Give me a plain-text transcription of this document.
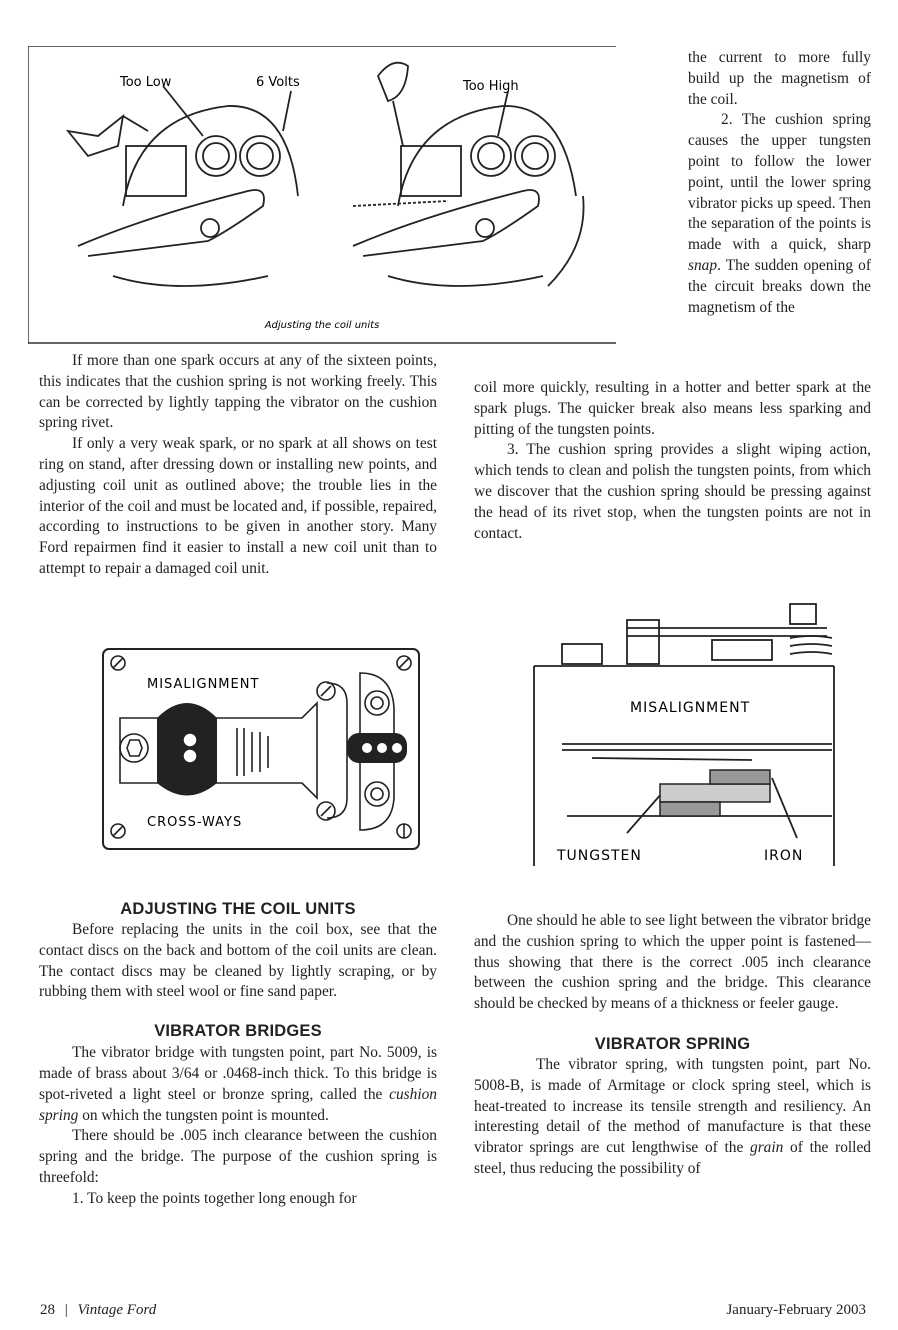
Too Low	6 Volts	Too High
Adjusting the coil units

the current to more fully build up the magnetism of the coil.

2. The cushion spring causes the upper tungsten point to follow the lower point, until the lower spring vibrator picks up speed. Then the separation of the points is made with a quick, sharp snap. The sudden opening of the circuit breaks down the magnetism of the

coil more quickly, resulting in a hotter and better spark at the spark plugs. The quicker break also means less sparking and pitting of the tungsten points.

3. The cushion spring provides a slight wiping action, which tends to clean and polish the tungsten points, from which we discover that the cushion spring should be pressing against the head of its rivet stop, when the tungsten points are not in contact.

If more than one spark occurs at any of the sixteen points, this indicates that the cushion spring is not working freely. This can be corrected by lightly tapping the vibrator on the cushion spring rivet.

If only a very weak spark, or no spark at all shows on test ring on stand, after dressing down or installing new points, and adjusting coil unit as outlined above; the trouble lies in the interior of the coil and must be located and, if possible, repaired, according to instructions to be given in another story. Many Ford repairmen find it easier to install a new coil unit than to attempt to repair a damaged coil unit.

MISALIGNMENT
CROSS-WAYS
MISALIGNMENT
TUNGSTEN	IRON
ADJUSTING THE COIL UNITS

Before replacing the units in the coil box, see that the contact discs on the back and bottom of the coil units are clean. The contact discs may be cleaned by lightly scraping, or by rubbing them with steel wool or fine sand paper.

VIBRATOR BRIDGES

The vibrator bridge with tungsten point, part No. 5009, is made of brass about 3/64 or .0468-inch thick. To this bridge is spot-riveted a light steel or bronze spring, called the cushion spring on which the tungsten point is mounted.

There should be .005 inch clearance between the cushion spring and the bridge. The purpose of the cushion spring is threefold:

1. To keep the points together long enough for

One should he able to see light between the vibrator bridge and the cushion spring to which the upper point is fastened—thus showing that there is the correct .005 inch clearance between the cushion spring and the bridge. This clearance should be checked by means of a thickness or feeler gauge.

VIBRATOR SPRING

The vibrator spring, with tungsten point, part No. 5008-B, is made of Armitage or clock spring steel, which is heat-treated to increase its tensile strength and resiliency. An interesting detail of the method of manufacture is that these vibrator springs are cut lengthwise of the grain of the rolled steel, thus reducing the possibility of

28 | Vintage Ford	January-February 2003
